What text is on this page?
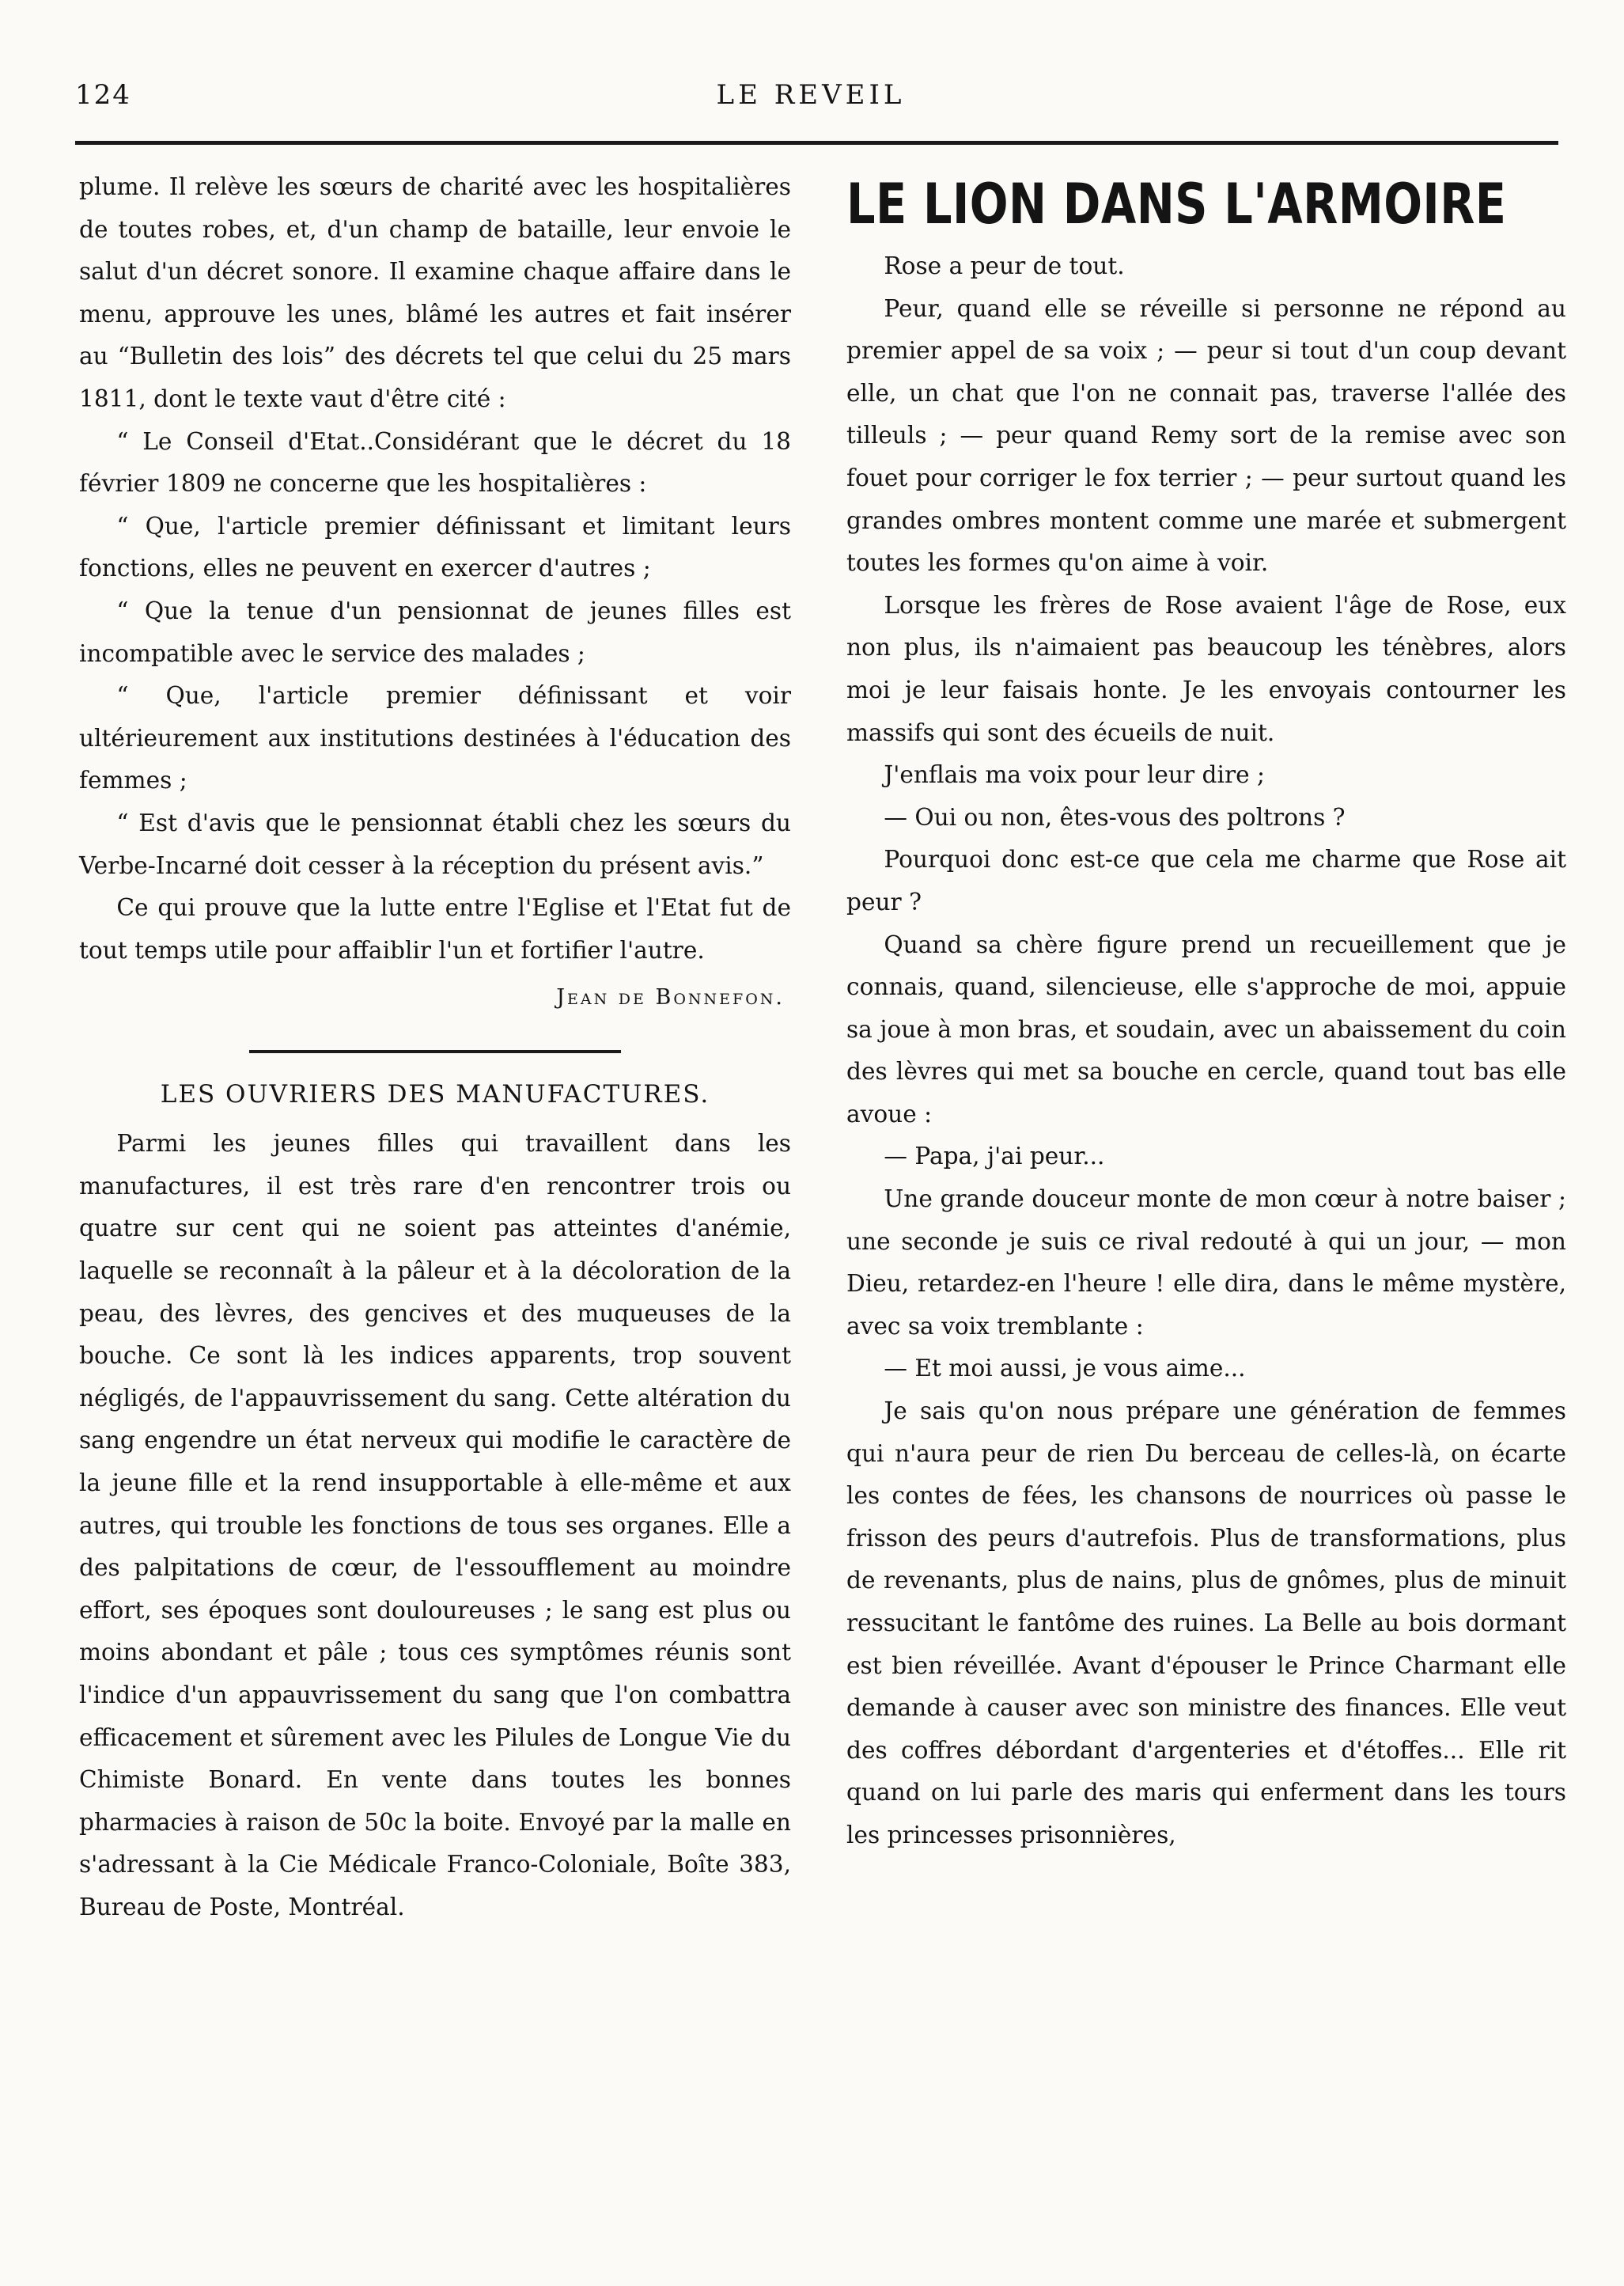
124	LE REVEIL

plume. Il relève les sœurs de charité avec les hospitalières de toutes robes, et, d'un champ de bataille, leur envoie le salut d'un décret sonore. Il examine chaque affaire dans le menu, approuve les unes, blâmé les autres et fait insérer au “Bulletin des lois” des décrets tel que celui du 25 mars 1811, dont le texte vaut d'être cité :

“ Le Conseil d'Etat..Considérant que le décret du 18 février 1809 ne concerne que les hospitalières :

“ Que, l'article premier définissant et limitant leurs fonctions, elles ne peuvent en exercer d'autres ;

“ Que la tenue d'un pensionnat de jeunes filles est incompatible avec le service des malades ;

“ Que, l'article premier définissant et voir ultérieurement aux institutions destinées à l'éducation des femmes ;

“ Est d'avis que le pensionnat établi chez les sœurs du Verbe-Incarné doit cesser à la réception du présent avis.”

Ce qui prouve que la lutte entre l'Eglise et l'Etat fut de tout temps utile pour affaiblir l'un et fortifier l'autre.

Jean de Bonnefon.
LES OUVRIERS DES MANUFACTURES.

Parmi les jeunes filles qui travaillent dans les manufactures, il est très rare d'en rencontrer trois ou quatre sur cent qui ne soient pas atteintes d'anémie, laquelle se reconnaît à la pâleur et à la décoloration de la peau, des lèvres, des gencives et des muqueuses de la bouche. Ce sont là les indices apparents, trop souvent négligés, de l'appauvrissement du sang. Cette altération du sang engendre un état nerveux qui modifie le caractère de la jeune fille et la rend insupportable à elle-même et aux autres, qui trouble les fonctions de tous ses organes. Elle a des palpitations de cœur, de l'essoufflement au moindre effort, ses époques sont douloureuses ; le sang est plus ou moins abondant et pâle ; tous ces symptômes réunis sont l'indice d'un appauvrissement du sang que l'on combattra efficacement et sûrement avec les Pilules de Longue Vie du Chimiste Bonard. En vente dans toutes les bonnes pharmacies à raison de 50c la boite. Envoyé par la malle en s'adressant à la Cie Médicale Franco-Coloniale, Boîte 383, Bureau de Poste, Montréal.

LE LION DANS L'ARMOIRE

Rose a peur de tout.

Peur, quand elle se réveille si personne ne répond au premier appel de sa voix ; — peur si tout d'un coup devant elle, un chat que l'on ne connait pas, traverse l'allée des tilleuls ; — peur quand Remy sort de la remise avec son fouet pour corriger le fox terrier ; — peur surtout quand les grandes ombres montent comme une marée et submergent toutes les formes qu'on aime à voir.

Lorsque les frères de Rose avaient l'âge de Rose, eux non plus, ils n'aimaient pas beaucoup les ténèbres, alors moi je leur faisais honte. Je les envoyais contourner les massifs qui sont des écueils de nuit.

J'enflais ma voix pour leur dire ;

— Oui ou non, êtes-vous des poltrons ?

Pourquoi donc est-ce que cela me charme que Rose ait peur ?

Quand sa chère figure prend un recueillement que je connais, quand, silencieuse, elle s'approche de moi, appuie sa joue à mon bras, et soudain, avec un abaissement du coin des lèvres qui met sa bouche en cercle, quand tout bas elle avoue :

— Papa, j'ai peur...

Une grande douceur monte de mon cœur à notre baiser ; une seconde je suis ce rival redouté à qui un jour, — mon Dieu, retardez-en l'heure ! elle dira, dans le même mystère, avec sa voix tremblante :

— Et moi aussi, je vous aime...

Je sais qu'on nous prépare une génération de femmes qui n'aura peur de rien Du berceau de celles-là, on écarte les contes de fées, les chansons de nourrices où passe le frisson des peurs d'autrefois. Plus de transformations, plus de revenants, plus de nains, plus de gnômes, plus de minuit ressucitant le fantôme des ruines. La Belle au bois dormant est bien réveillée. Avant d'épouser le Prince Charmant elle demande à causer avec son ministre des finances. Elle veut des coffres débordant d'argenteries et d'étoffes... Elle rit quand on lui parle des maris qui enferment dans les tours les princesses prisonnières,
